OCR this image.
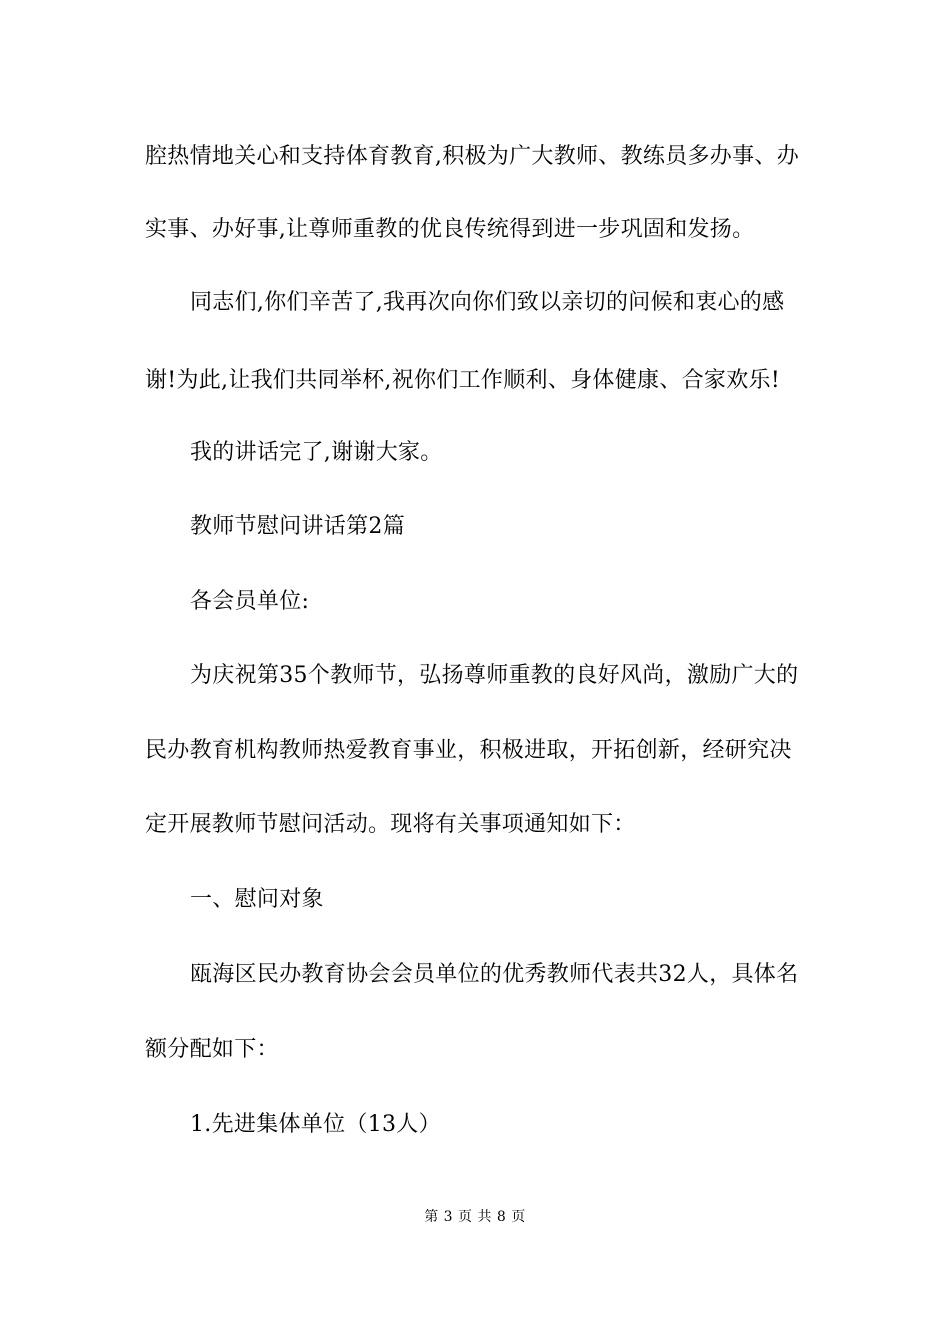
腔热情地关心和支持体育教育,积极为广大教师、教练员多办事、办
实事、办好事,让尊师重教的优良传统得到进一步巩固和发扬。
同志们,你们辛苦了,我再次向你们致以亲切的问候和衷心的感
谢!为此,让我们共同举杯,祝你们工作顺利、身体健康、合家欢乐!
我的讲话完了,谢谢大家。
教师节慰问讲话第2篇
各会员单位:
为庆祝第35个教师节，弘扬尊师重教的良好风尚，激励广大的
民办教育机构教师热爱教育事业，积极进取，开拓创新，经研究决
定开展教师节慰问活动。现将有关事项通知如下：
一、慰问对象
瓯海区民办教育协会会员单位的优秀教师代表共32人，具体名
额分配如下：
1.先进集体单位（13人）
第 3 页 共 8 页
